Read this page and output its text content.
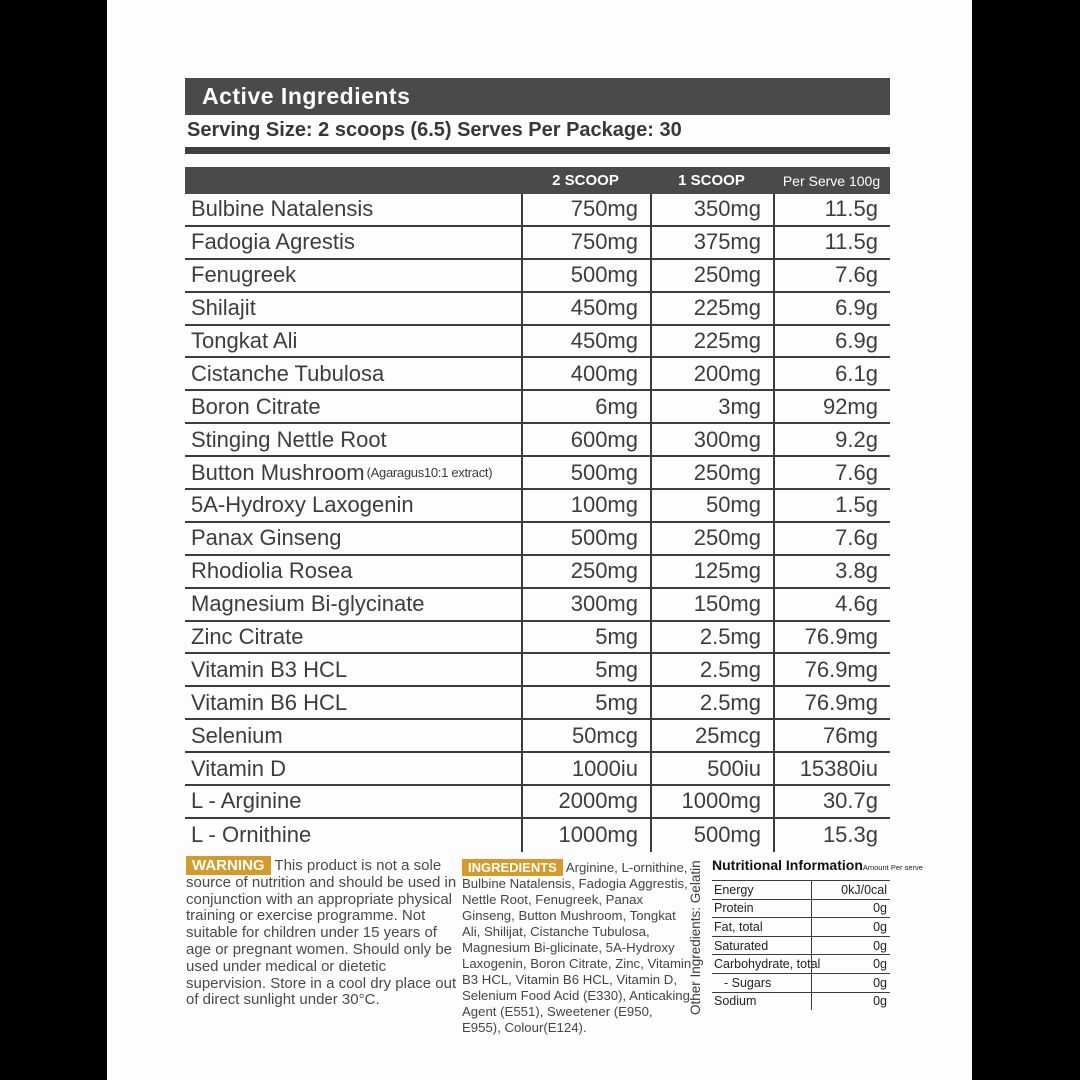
Active Ingredients
Serving Size: 2 scoops (6.5) Serves Per Package: 30
2 SCOOP	1 SCOOP	Per Serve 100g
Bulbine Natalensis	750mg	350mg	11.5g
Fadogia Agrestis	750mg	375mg	11.5g
Fenugreek	500mg	250mg	7.6g
Shilajit	450mg	225mg	6.9g
Tongkat Ali	450mg	225mg	6.9g
Cistanche Tubulosa	400mg	200mg	6.1g
Boron Citrate	6mg	3mg	92mg
Stinging Nettle Root	600mg	300mg	9.2g
Button Mushroom (Agaragus10:1 extract)	500mg	250mg	7.6g
5A-Hydroxy Laxogenin	100mg	50mg	1.5g
Panax Ginseng	500mg	250mg	7.6g
Rhodiolia Rosea	250mg	125mg	3.8g
Magnesium Bi-glycinate	300mg	150mg	4.6g
Zinc Citrate	5mg	2.5mg	76.9mg
Vitamin B3 HCL	5mg	2.5mg	76.9mg
Vitamin B6 HCL	5mg	2.5mg	76.9mg
Selenium	50mcg	25mcg	76mg
Vitamin D	1000iu	500iu	15380iu
L - Arginine	2000mg	1000mg	30.7g
L - Ornithine	1000mg	500mg	15.3g
WARNING This product is not a sole source of nutrition and should be used in conjunction with an appropriate physical training or exercise programme. Not suitable for children under 15 years of age or pregnant women. Should only be used under medical or dietetic supervision. Store in a cool dry place out of direct sunlight under 30°C.
INGREDIENTS Arginine, L-ornithine, Bulbine Natalensis, Fadogia Aggrestis, Nettle Root, Fenugreek, Panax Ginseng, Button Mushroom, Tongkat Ali, Shilijat, Cistanche Tubulosa, Magnesium Bi-glicinate, 5A-Hydroxy Laxogenin, Boron Citrate, Zinc, Vitamin B3 HCL, Vitamin B6 HCL, Vitamin D, Selenium Food Acid (E330), Anticaking Agent (E551), Sweetener (E950, E955), Colour(E124).
Other Ingredients: Gelatin Nutritional Information Amount Per serve
Energy	0kJ/0cal
Protein	0g
Fat, total	0g
Saturated	0g
Carbohydrate, total	0g
- Sugars	0g
Sodium	0g
